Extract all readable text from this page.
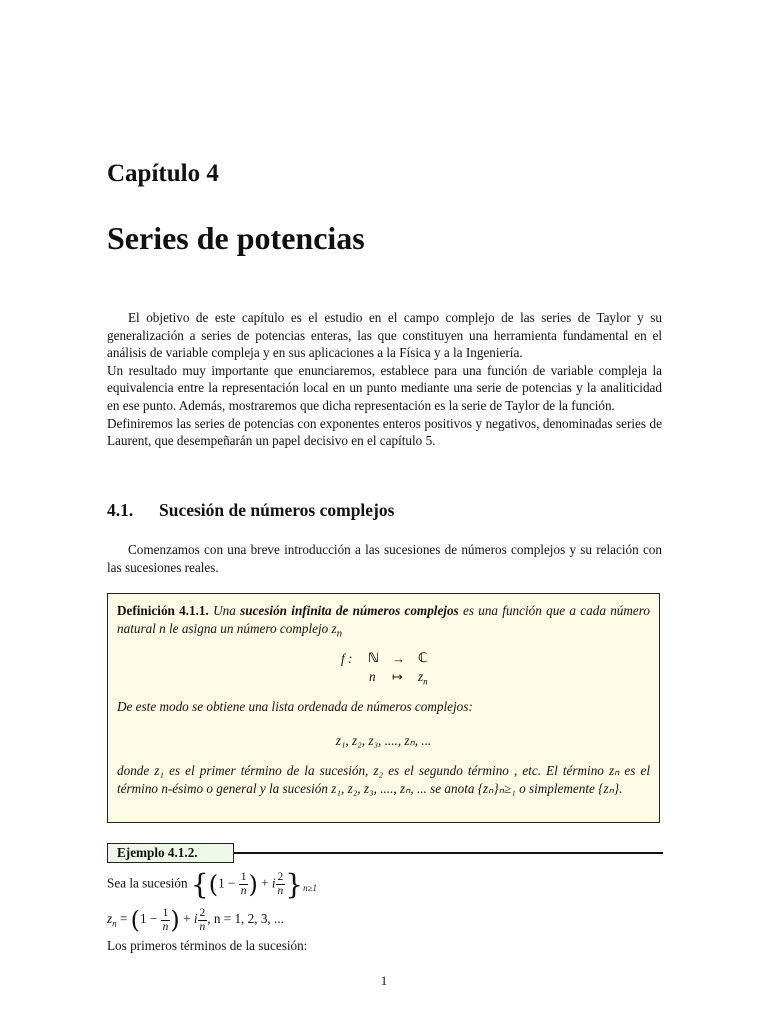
Capítulo 4
Series de potencias

El objetivo de este capítulo es el estudio en el campo complejo de las series de Taylor y su generalización a series de potencias enteras, las que constituyen una herramienta fundamental en el análisis de variable compleja y en sus aplicaciones a la Física y a la Ingeniería.

Un resultado muy importante que enunciaremos, establece para una función de variable compleja la equivalencia entre la representación local en un punto mediante una serie de potencias y la analiticidad en ese punto. Además, mostraremos que dicha representación es la serie de Taylor de la función.

Definiremos las series de potencias con exponentes enteros positivos y negativos, denominadas series de Laurent, que desempeñarán un papel decisivo en el capítulo 5.

4.1. Sucesión de números complejos
Comenzamos con una breve introducción a las sucesiones de números complejos y su relación con las sucesiones reales.
Definición 4.1.1. Una sucesión infinita de números complejos es una función que a cada número natural n le asigna un número complejo $z_n$
f : ℕ → ℂ
n ↦ $z_n$
De este modo se obtiene una lista ordenada de números complejos:
z₁, z₂, z₃, ...., zₙ, ...
donde z₁ es el primer término de la sucesión, z₂ es el segundo término , etc. El término zₙ es el término n-ésimo o general y la sucesión z₁, z₂, z₃, ...., zₙ, ... se anota {zₙ}ₙ≥₁ o simplemente {zₙ}.
Ejemplo 4.1.2.
Sea la sucesión {($1 - \frac{1}{n}$ ) + i $\frac{2}{n} \}_{n\ge 1}$
$z_n = (1 - \frac{1}{n}$ ) + i $\frac{2}{n}$ , n = 1, 2, 3, ...
Los primeros términos de la sucesión:
1
